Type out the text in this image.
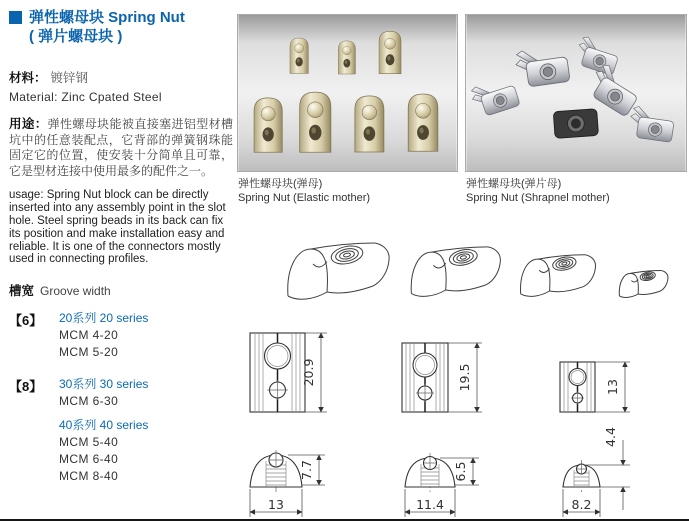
弹性螺母块 Spring Nut
( 弹片螺母块 )

材料： 镀锌钢

Material: Zinc Cpated Steel

用途：弹性螺母块能被直接塞进铝型材槽坑中的任意装配点，它背部的弹簧钢珠能固定它的位置，使安装十分简单且可靠，它是型材连接中使用最多的配件之一。

usage: Spring Nut block can be directly inserted into any assembly point in the slot hole. Steel spring beads in its back can fix its position and make installation easy and reliable. It is one of the connectors mostly used in connecting profiles.

槽宽 Groove width

【6】	20系列 20 series
MCM 4-20
MCM 5-20
【8】	30系列 30 series
MCM 6-30
40系列 40 series
MCM 5-40
MCM 6-40
MCM 8-40
弹性螺母块(弹母)
Spring Nut (Elastic mother)
弹性螺母块(弹片母)
Spring Nut (Shrapnel mother)
20.9	19.5	13
7.7
13
6.5
11.4
4.4
8.2
